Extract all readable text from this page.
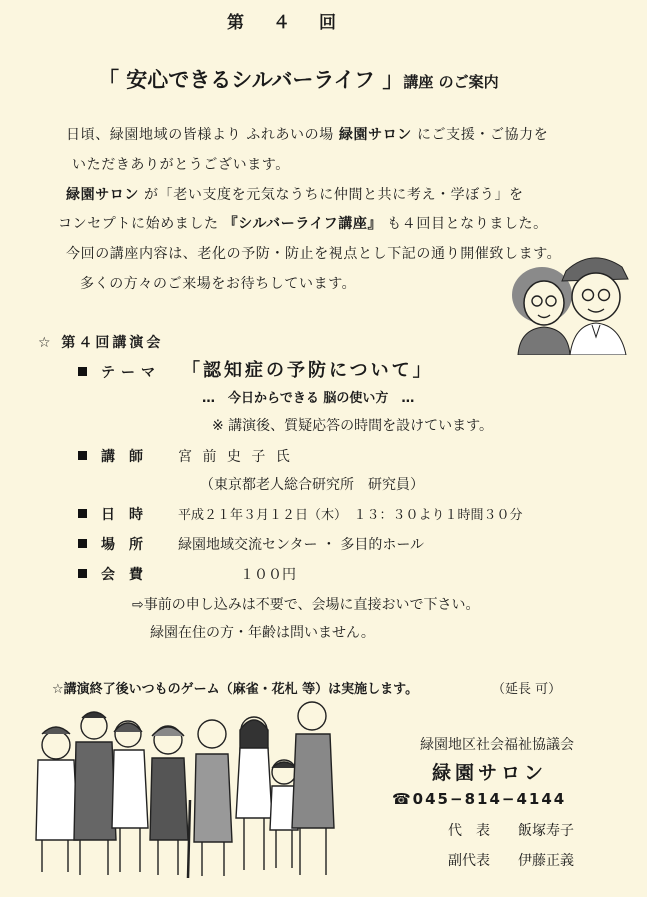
第　４　回
「 安心できるシルバーライフ 」講座 のご案内
日頃、緑園地域の皆様より ふれあいの場 緑園サロン にご支援・ご協力を
いただきありがとうございます。
緑園サロン が「老い支度を元気なうちに仲間と共に考え・学ぼう」を
コンセプトに始めました 『シルバーライフ講座』 も４回目となりました。
今回の講座内容は、老化の予防・防止を視点とし下記の通り開催致します。
多くの方々のご来場をお待ちしています。
☆ 第４回講演会
テーマ 「認知症の予防について」
…　今日からできる 脳の使い方　…
※ 講演後、質疑応答の時間を設けています。
講　師	宮 前 史 子 氏
（東京都老人総合研究所　研究員）
日　時	平成２１年３月１２日（木）　１３：３０より１時間３０分
場　所	緑園地域交流センター ・ 多目的ホール
会　費	１００円
⇨事前の申し込みは不要で、会場に直接おいで下さい。
緑園在住の方・年齢は問いません。
☆講演終了後いつものゲーム（麻雀・花札 等）は実施します。	（延長 可）
緑園地区社会福祉協議会
緑園サロン
☎045−814−4144
代　表 飯塚寿子
副代表 伊藤正義
